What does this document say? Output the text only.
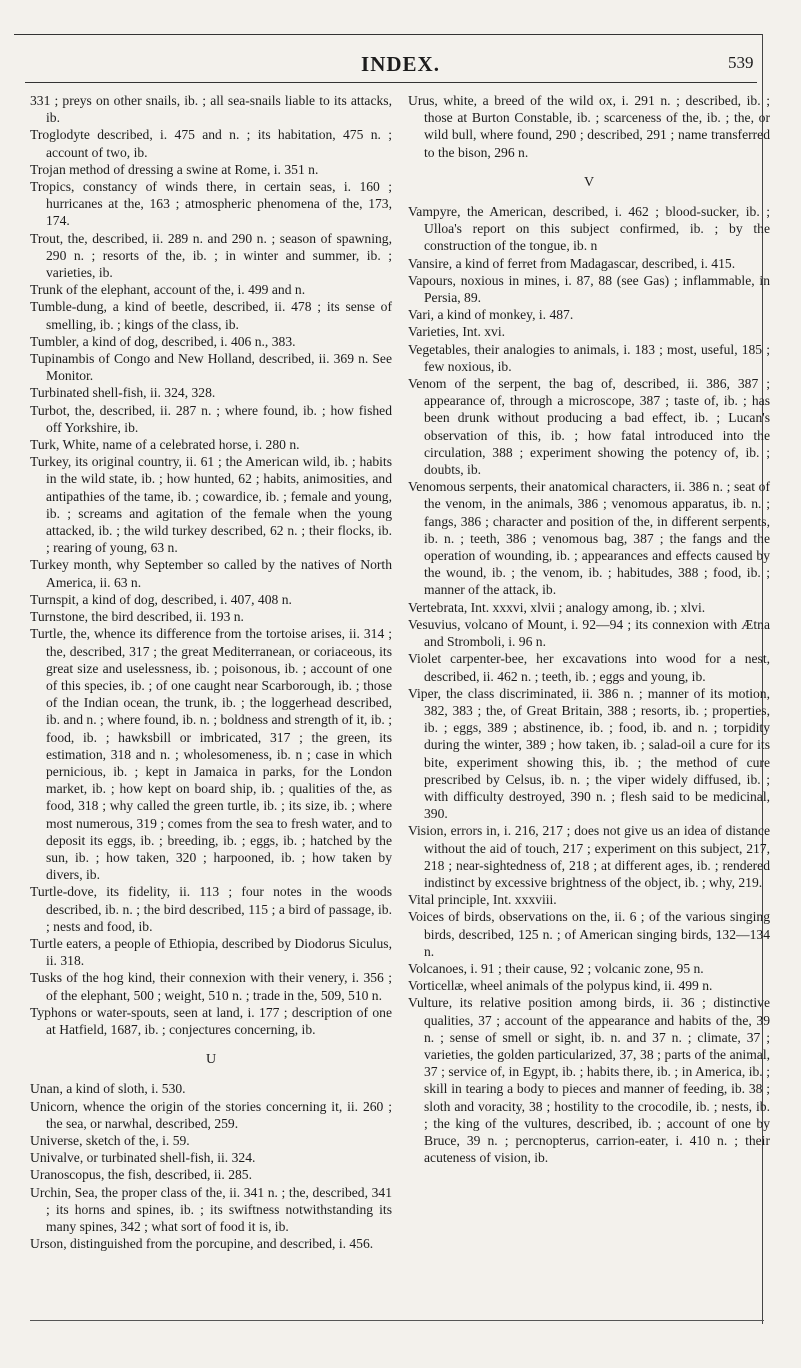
INDEX.	539

331 ; preys on other snails, ib. ; all sea-snails liable to its attacks, ib.

Troglodyte described, i. 475 and n. ; its habitation, 475 n. ; account of two, ib.

Trojan method of dressing a swine at Rome, i. 351 n.

Tropics, constancy of winds there, in certain seas, i. 160 ; hurricanes at the, 163 ; atmospheric phenomena of the, 173, 174.

Trout, the, described, ii. 289 n. and 290 n. ; season of spawning, 290 n. ; resorts of the, ib. ; in winter and summer, ib. ; varieties, ib.

Trunk of the elephant, account of the, i. 499 and n.

Tumble-dung, a kind of beetle, described, ii. 478 ; its sense of smelling, ib. ; kings of the class, ib.

Tumbler, a kind of dog, described, i. 406 n., 383.

Tupinambis of Congo and New Holland, described, ii. 369 n. See Monitor.

Turbinated shell-fish, ii. 324, 328.

Turbot, the, described, ii. 287 n. ; where found, ib. ; how fished off Yorkshire, ib.

Turk, White, name of a celebrated horse, i. 280 n.

Turkey, its original country, ii. 61 ; the American wild, ib. ; habits in the wild state, ib. ; how hunted, 62 ; habits, animosities, and antipathies of the tame, ib. ; cowardice, ib. ; female and young, ib. ; screams and agitation of the female when the young attacked, ib. ; the wild turkey described, 62 n. ; their flocks, ib. ; rearing of young, 63 n.

Turkey month, why September so called by the natives of North America, ii. 63 n.

Turnspit, a kind of dog, described, i. 407, 408 n.

Turnstone, the bird described, ii. 193 n.

Turtle, the, whence its difference from the tortoise arises, ii. 314 ; the, described, 317 ; the great Mediterranean, or coriaceous, its great size and uselessness, ib. ; poisonous, ib. ; account of one of this species, ib. ; of one caught near Scarborough, ib. ; those of the Indian ocean, the trunk, ib. ; the loggerhead described, ib. and n. ; where found, ib. n. ; boldness and strength of it, ib. ; food, ib. ; hawksbill or imbricated, 317 ; the green, its estimation, 318 and n. ; wholesomeness, ib. n ; case in which pernicious, ib. ; kept in Jamaica in parks, for the London market, ib. ; how kept on board ship, ib. ; qualities of the, as food, 318 ; why called the green turtle, ib. ; its size, ib. ; where most numerous, 319 ; comes from the sea to fresh water, and to deposit its eggs, ib. ; breeding, ib. ; eggs, ib. ; hatched by the sun, ib. ; how taken, 320 ; harpooned, ib. ; how taken by divers, ib.

Turtle-dove, its fidelity, ii. 113 ; four notes in the woods described, ib. n. ; the bird described, 115 ; a bird of passage, ib. ; nests and food, ib.

Turtle eaters, a people of Ethiopia, described by Diodorus Siculus, ii. 318.

Tusks of the hog kind, their connexion with their venery, i. 356 ; of the elephant, 500 ; weight, 510 n. ; trade in the, 509, 510 n.

Typhons or water-spouts, seen at land, i. 177 ; description of one at Hatfield, 1687, ib. ; conjectures concerning, ib.

U

Unan, a kind of sloth, i. 530.

Unicorn, whence the origin of the stories concerning it, ii. 260 ; the sea, or narwhal, described, 259.

Universe, sketch of the, i. 59.

Univalve, or turbinated shell-fish, ii. 324.

Uranoscopus, the fish, described, ii. 285.

Urchin, Sea, the proper class of the, ii. 341 n. ; the, described, 341 ; its horns and spines, ib. ; its swiftness notwithstanding its many spines, 342 ; what sort of food it is, ib.

Urson, distinguished from the porcupine, and described, i. 456.

Urus, white, a breed of the wild ox, i. 291 n. ; described, ib. ; those at Burton Constable, ib. ; scarceness of the, ib. ; the, or wild bull, where found, 290 ; described, 291 ; name transferred to the bison, 296 n.

V

Vampyre, the American, described, i. 462 ; blood-sucker, ib. ; Ulloa's report on this subject confirmed, ib. ; by the construction of the tongue, ib. n

Vansire, a kind of ferret from Madagascar, described, i. 415.

Vapours, noxious in mines, i. 87, 88 (see Gas) ; inflammable, in Persia, 89.

Vari, a kind of monkey, i. 487.

Varieties, Int. xvi.

Vegetables, their analogies to animals, i. 183 ; most, useful, 185 ; few noxious, ib.

Venom of the serpent, the bag of, described, ii. 386, 387 ; appearance of, through a microscope, 387 ; taste of, ib. ; has been drunk without producing a bad effect, ib. ; Lucan's observation of this, ib. ; how fatal introduced into the circulation, 388 ; experiment showing the potency of, ib. ; doubts, ib.

Venomous serpents, their anatomical characters, ii. 386 n. ; seat of the venom, in the animals, 386 ; venomous apparatus, ib. n. ; fangs, 386 ; character and position of the, in different serpents, ib. n. ; teeth, 386 ; venomous bag, 387 ; the fangs and the operation of wounding, ib. ; appearances and effects caused by the wound, ib. ; the venom, ib. ; habitudes, 388 ; food, ib. ; manner of the attack, ib.

Vertebrata, Int. xxxvi, xlvii ; analogy among, ib. ; xlvi.

Vesuvius, volcano of Mount, i. 92—94 ; its connexion with Ætna and Stromboli, i. 96 n.

Violet carpenter-bee, her excavations into wood for a nest, described, ii. 462 n. ; teeth, ib. ; eggs and young, ib.

Viper, the class discriminated, ii. 386 n. ; manner of its motion, 382, 383 ; the, of Great Britain, 388 ; resorts, ib. ; properties, ib. ; eggs, 389 ; abstinence, ib. ; food, ib. and n. ; torpidity during the winter, 389 ; how taken, ib. ; salad-oil a cure for its bite, experiment showing this, ib. ; the method of cure prescribed by Celsus, ib. n. ; the viper widely diffused, ib. ; with difficulty destroyed, 390 n. ; flesh said to be medicinal, 390.

Vision, errors in, i. 216, 217 ; does not give us an idea of distance without the aid of touch, 217 ; experiment on this subject, 217, 218 ; near-sightedness of, 218 ; at different ages, ib. ; rendered indistinct by excessive brightness of the object, ib. ; why, 219.

Vital principle, Int. xxxviii.

Voices of birds, observations on the, ii. 6 ; of the various singing birds, described, 125 n. ; of American singing birds, 132—134 n.

Volcanoes, i. 91 ; their cause, 92 ; volcanic zone, 95 n.

Vorticellæ, wheel animals of the polypus kind, ii. 499 n.

Vulture, its relative position among birds, ii. 36 ; distinctive qualities, 37 ; account of the appearance and habits of the, 39 n. ; sense of smell or sight, ib. n. and 37 n. ; climate, 37 ; varieties, the golden particularized, 37, 38 ; parts of the animal, 37 ; service of, in Egypt, ib. ; habits there, ib. ; in America, ib. ; skill in tearing a body to pieces and manner of feeding, ib. 38 ; sloth and voracity, 38 ; hostility to the crocodile, ib. ; nests, ib. ; the king of the vultures, described, ib. ; account of one by Bruce, 39 n. ; percnopterus, carrion-eater, i. 410 n. ; their acuteness of vision, ib.
